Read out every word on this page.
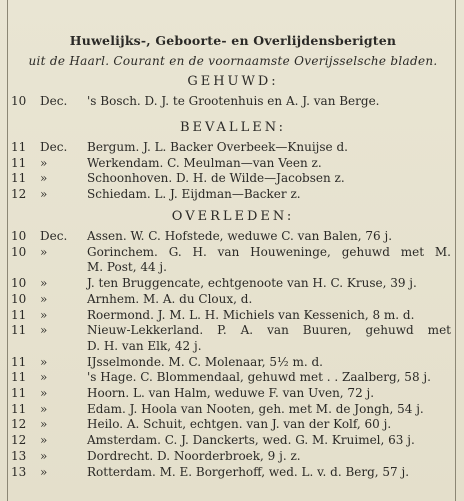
Huwelijks-, Geboorte- en Overlijdensberigten
uit de Haarl. Courant en de voornaamste Overijsselsche bladen.
GEHUWD:
10 Dec. 's Bosch. D. J. te Grootenhuis en A. J. van Berge.
BEVALLEN:
11 Dec. Bergum. J. L. Backer Overbeek—Knuijse d.
11 »	Werkendam. C. Meulman—van Veen z.
11 »	Schoonhoven. D. H. de Wilde—Jacobsen z.
12 »	Schiedam. L. J. Eijdman—Backer z.
OVERLEDEN:
10 Dec. Assen. W. C. Hofstede, weduwe C. van Balen, 76 j.
10 »	Gorinchem. G. H. van Houweninge, gehuwd met M.
M. Post, 44 j.
10 »	J. ten Bruggencate, echtgenoote van H. C. Kruse, 39 j.
10 »	Arnhem. M. A. du Cloux, d.
11 »	Roermond. J. M. L. H. Michiels van Kessenich, 8 m. d.
11 »	Nieuw-Lekkerland. P. A. van Buuren, gehuwd met
D. H. van Elk, 42 j.
11 »	IJsselmonde. M. C. Molenaar, 5½ m. d.
11 »	's Hage. C. Blommendaal, gehuwd met . . Zaalberg, 58 j.
11 »	Hoorn. L. van Halm, weduwe F. van Uven, 72 j.
11 »	Edam. J. Hoola van Nooten, geh. met M. de Jongh, 54 j.
12 »	Heilo. A. Schuit, echtgen. van J. van der Kolf, 60 j.
12 »	Amsterdam. C. J. Danckerts, wed. G. M. Kruimel, 63 j.
13 »	Dordrecht. D. Noorderbroek, 9 j. z.
13 »	Rotterdam. M. E. Borgerhoff, wed. L. v. d. Berg, 57 j.
